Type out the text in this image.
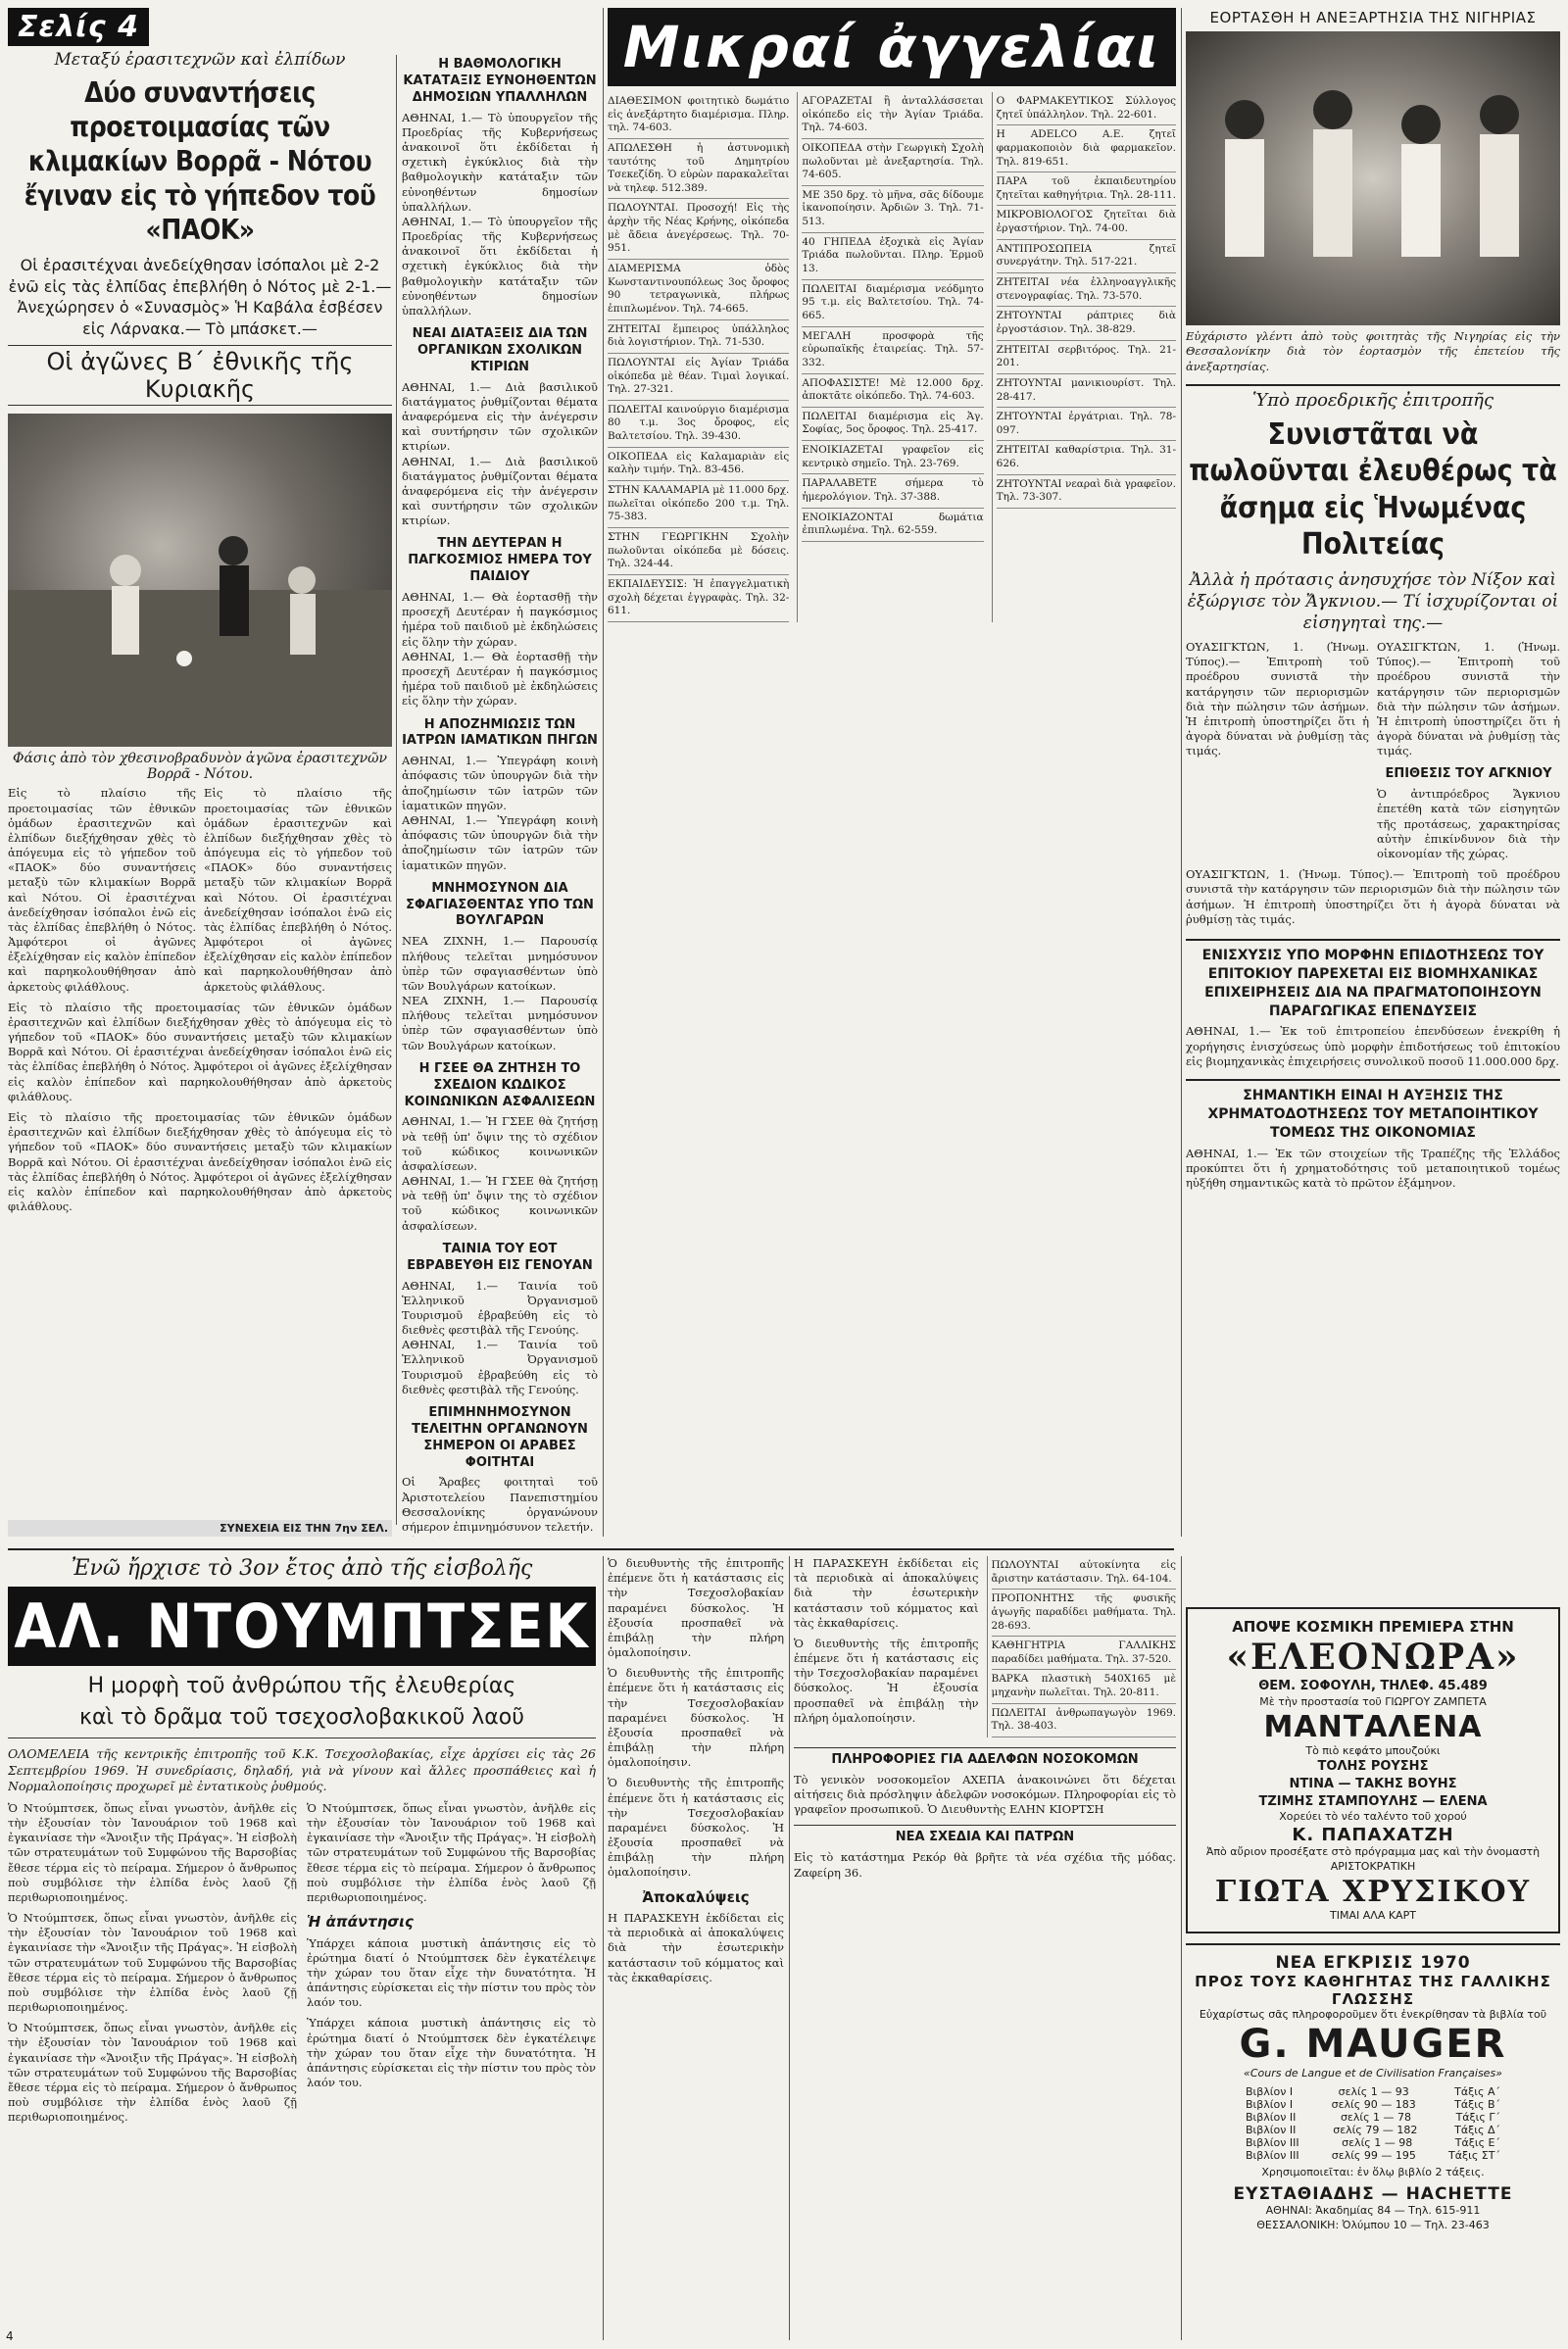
Σελίς 4
Μεταξύ ἐρασιτεχνῶν καὶ ἐλπίδων
Δύο συναντήσεις προετοιμασίας τῶν κλιμακίων Βορρᾶ - Νότου ἔγιναν εἰς τὸ γήπεδον τοῦ «ΠΑΟΚ»
Οἱ ἐρασιτέχναι ἀνεδείχθησαν ἰσόπαλοι μὲ 2-2 ἐνῶ εἰς τὰς ἐλπίδας ἐπεβλήθη ὁ Νότος μὲ 2-1.— Ἀνεχώρησεν ὁ «Συνασμὸς» Ἡ Καβάλα ἐσβέσεν εἰς Λάρνακα.— Τὸ μπάσκετ.—
Οἱ ἀγῶνες Β΄ ἐθνικῆς τῆς Κυριακῆς
Φάσις ἀπὸ τὸν χθεσινοβραδυνὸν ἀγῶνα ἐρασιτεχνῶν Βορρᾶ - Νότου.
Εἰς τὸ πλαίσιο τῆς προετοιμασίας τῶν ἐθνικῶν ὁμάδων ἐρασιτεχνῶν καὶ ἐλπίδων διεξήχθησαν χθὲς τὸ ἀπόγευμα εἰς τὸ γήπεδον τοῦ «ΠΑΟΚ» δύο συναντήσεις μεταξὺ τῶν κλιμακίων Βορρᾶ καὶ Νότου. Οἱ ἐρασιτέχναι ἀνεδείχθησαν ἰσόπαλοι ἐνῶ εἰς τὰς ἐλπίδας ἐπεβλήθη ὁ Νότος. Ἀμφότεροι οἱ ἀγῶνες ἐξελίχθησαν εἰς καλὸν ἐπίπεδον καὶ παρηκολουθήθησαν ἀπὸ ἀρκετοὺς φιλάθλους.
Εἰς τὸ πλαίσιο τῆς προετοιμασίας τῶν ἐθνικῶν ὁμάδων ἐρασιτεχνῶν καὶ ἐλπίδων διεξήχθησαν χθὲς τὸ ἀπόγευμα εἰς τὸ γήπεδον τοῦ «ΠΑΟΚ» δύο συναντήσεις μεταξὺ τῶν κλιμακίων Βορρᾶ καὶ Νότου. Οἱ ἐρασιτέχναι ἀνεδείχθησαν ἰσόπαλοι ἐνῶ εἰς τὰς ἐλπίδας ἐπεβλήθη ὁ Νότος. Ἀμφότεροι οἱ ἀγῶνες ἐξελίχθησαν εἰς καλὸν ἐπίπεδον καὶ παρηκολουθήθησαν ἀπὸ ἀρκετοὺς φιλάθλους.
Εἰς τὸ πλαίσιο τῆς προετοιμασίας τῶν ἐθνικῶν ὁμάδων ἐρασιτεχνῶν καὶ ἐλπίδων διεξήχθησαν χθὲς τὸ ἀπόγευμα εἰς τὸ γήπεδον τοῦ «ΠΑΟΚ» δύο συναντήσεις μεταξὺ τῶν κλιμακίων Βορρᾶ καὶ Νότου. Οἱ ἐρασιτέχναι ἀνεδείχθησαν ἰσόπαλοι ἐνῶ εἰς τὰς ἐλπίδας ἐπεβλήθη ὁ Νότος. Ἀμφότεροι οἱ ἀγῶνες ἐξελίχθησαν εἰς καλὸν ἐπίπεδον καὶ παρηκολουθήθησαν ἀπὸ ἀρκετοὺς φιλάθλους.
Εἰς τὸ πλαίσιο τῆς προετοιμασίας τῶν ἐθνικῶν ὁμάδων ἐρασιτεχνῶν καὶ ἐλπίδων διεξήχθησαν χθὲς τὸ ἀπόγευμα εἰς τὸ γήπεδον τοῦ «ΠΑΟΚ» δύο συναντήσεις μεταξὺ τῶν κλιμακίων Βορρᾶ καὶ Νότου. Οἱ ἐρασιτέχναι ἀνεδείχθησαν ἰσόπαλοι ἐνῶ εἰς τὰς ἐλπίδας ἐπεβλήθη ὁ Νότος. Ἀμφότεροι οἱ ἀγῶνες ἐξελίχθησαν εἰς καλὸν ἐπίπεδον καὶ παρηκολουθήθησαν ἀπὸ ἀρκετοὺς φιλάθλους.
ΣΥΝΕΧΕΙΑ ΕΙΣ ΤΗΝ 7ην ΣΕΛ.
Η ΒΑΘΜΟΛΟΓΙΚΗ ΚΑΤΑΤΑΞΙΣ ΕΥΝΟΗΘΕΝΤΩΝ ΔΗΜΟΣΙΩΝ ΥΠΑΛΛΗΛΩΝ
ΑΘΗΝΑΙ, 1.— Τὸ ὑπουργεῖον τῆς Προεδρίας τῆς Κυβερνήσεως ἀνακοινοῖ ὅτι ἐκδίδεται ἡ σχετικὴ ἐγκύκλιος διὰ τὴν βαθμολογικὴν κατάταξιν τῶν εὐνοηθέντων δημοσίων ὑπαλλήλων.
ΑΘΗΝΑΙ, 1.— Τὸ ὑπουργεῖον τῆς Προεδρίας τῆς Κυβερνήσεως ἀνακοινοῖ ὅτι ἐκδίδεται ἡ σχετικὴ ἐγκύκλιος διὰ τὴν βαθμολογικὴν κατάταξιν τῶν εὐνοηθέντων δημοσίων ὑπαλλήλων.
ΝΕΑΙ ΔΙΑΤΑΞΕΙΣ ΔΙΑ ΤΩΝ ΟΡΓΑΝΙΚΩΝ ΣΧΟΛΙΚΩΝ ΚΤΙΡΙΩΝ
ΑΘΗΝΑΙ, 1.— Διὰ βασιλικοῦ διατάγματος ῥυθμίζονται θέματα ἀναφερόμενα εἰς τὴν ἀνέγερσιν καὶ συντήρησιν τῶν σχολικῶν κτιρίων.
ΑΘΗΝΑΙ, 1.— Διὰ βασιλικοῦ διατάγματος ῥυθμίζονται θέματα ἀναφερόμενα εἰς τὴν ἀνέγερσιν καὶ συντήρησιν τῶν σχολικῶν κτιρίων.
ΤΗΝ ΔΕΥΤΕΡΑΝ Η ΠΑΓΚΟΣΜΙΟΣ ΗΜΕΡΑ ΤΟΥ ΠΑΙΔΙΟΥ
ΑΘΗΝΑΙ, 1.— Θὰ ἑορτασθῇ τὴν προσεχῆ Δευτέραν ἡ παγκόσμιος ἡμέρα τοῦ παιδιοῦ μὲ ἐκδηλώσεις εἰς ὅλην τὴν χώραν.
ΑΘΗΝΑΙ, 1.— Θὰ ἑορτασθῇ τὴν προσεχῆ Δευτέραν ἡ παγκόσμιος ἡμέρα τοῦ παιδιοῦ μὲ ἐκδηλώσεις εἰς ὅλην τὴν χώραν.
Η ΑΠΟΖΗΜΙΩΣΙΣ ΤΩΝ ΙΑΤΡΩΝ ΙΑΜΑΤΙΚΩΝ ΠΗΓΩΝ
ΑΘΗΝΑΙ, 1.— Ὑπεγράφη κοινὴ ἀπόφασις τῶν ὑπουργῶν διὰ τὴν ἀποζημίωσιν τῶν ἰατρῶν τῶν ἰαματικῶν πηγῶν.
ΑΘΗΝΑΙ, 1.— Ὑπεγράφη κοινὴ ἀπόφασις τῶν ὑπουργῶν διὰ τὴν ἀποζημίωσιν τῶν ἰατρῶν τῶν ἰαματικῶν πηγῶν.
ΜΝΗΜΟΣΥΝΟΝ ΔΙΑ ΣΦΑΓΙΑΣΘΕΝΤΑΣ ΥΠΟ ΤΩΝ ΒΟΥΛΓΑΡΩΝ
ΝΕΑ ΖΙΧΝΗ, 1.— Παρουσίᾳ πλήθους τελεῖται μνημόσυνον ὑπὲρ τῶν σφαγιασθέντων ὑπὸ τῶν Βουλγάρων κατοίκων.
ΝΕΑ ΖΙΧΝΗ, 1.— Παρουσίᾳ πλήθους τελεῖται μνημόσυνον ὑπὲρ τῶν σφαγιασθέντων ὑπὸ τῶν Βουλγάρων κατοίκων.
Η ΓΣΕΕ ΘΑ ΖΗΤΗΣΗ ΤΟ ΣΧΕΔΙΟΝ ΚΩΔΙΚΟΣ ΚΟΙΝΩΝΙΚΩΝ ΑΣΦΑΛΙΣΕΩΝ
ΑΘΗΝΑΙ, 1.— Ἡ ΓΣΕΕ θὰ ζητήσῃ νὰ τεθῇ ὑπ' ὄψιν της τὸ σχέδιον τοῦ κώδικος κοινωνικῶν ἀσφαλίσεων.
ΑΘΗΝΑΙ, 1.— Ἡ ΓΣΕΕ θὰ ζητήσῃ νὰ τεθῇ ὑπ' ὄψιν της τὸ σχέδιον τοῦ κώδικος κοινωνικῶν ἀσφαλίσεων.
ΤΑΙΝΙΑ ΤΟΥ ΕΟΤ ΕΒΡΑΒΕΥΘΗ ΕΙΣ ΓΕΝΟΥΑΝ
ΑΘΗΝΑΙ, 1.— Ταινία τοῦ Ἑλληνικοῦ Ὀργανισμοῦ Τουρισμοῦ ἐβραβεύθη εἰς τὸ διεθνὲς φεστιβὰλ τῆς Γενούης.
ΑΘΗΝΑΙ, 1.— Ταινία τοῦ Ἑλληνικοῦ Ὀργανισμοῦ Τουρισμοῦ ἐβραβεύθη εἰς τὸ διεθνὲς φεστιβὰλ τῆς Γενούης.
ΕΠΙΜΗΝΗΜΟΣΥΝΟΝ ΤΕΛΕΙΤΗΝ ΟΡΓΑΝΩΝΟΥΝ ΣΗΜΕΡΟΝ ΟΙ ΑΡΑΒΕΣ ΦΟΙΤΗΤΑΙ
Οἱ Ἄραβες φοιτηταὶ τοῦ Ἀριστοτελείου Πανεπιστημίου Θεσσαλονίκης ὀργανώνουν σήμερον ἐπιμνημόσυνον τελετήν.
Μικραί ἀγγελίαι
ΔΙΑΘΕΣΙΜΟΝ φοιτητικὸ δωμάτιο εἰς ἀνεξάρτητο διαμέρισμα. Πληρ. τηλ. 74-603.
ΑΠΩΛΕΣΘΗ ἡ ἀστυνομικὴ ταυτότης τοῦ Δημητρίου Τσεκεζίδη. Ὁ εὑρὼν παρακαλεῖται νὰ τηλεφ. 512.389.
ΠΩΛΟΥΝΤΑΙ. Προσοχή! Εἰς τὴς ἀρχὴν τῆς Νέας Κρήνης, οἰκόπεδα μὲ ἄδεια ἀνεγέρσεως. Τηλ. 70-951.
ΔΙΑΜΕΡΙΣΜΑ ὁδὸς Κωνσταντινουπόλεως 3ος ὄροφος 90 τετραγωνικὰ, πλήρως ἐπιπλωμένον. Τηλ. 74-665.
ΖΗΤΕΙΤΑΙ ἔμπειρος ὑπάλληλος διὰ λογιστήριον. Τηλ. 71-530.
ΠΩΛΟΥΝΤΑΙ εἰς Ἀγίαν Τριάδα οἰκόπεδα μὲ θέαν. Τιμαὶ λογικαί. Τηλ. 27-321.
ΠΩΛΕΙΤΑΙ καινούργιο διαμέρισμα 80 τ.μ. 3ος ὄροφος, εἰς Βαλτετσίου. Τηλ. 39-430.
ΟΙΚΟΠΕΔΑ εἰς Καλαμαριὰν εἰς καλὴν τιμήν. Τηλ. 83-456.
ΣΤΗΝ ΚΑΛΑΜΑΡΙΑ μὲ 11.000 δρχ. πωλεῖται οἰκόπεδο 200 τ.μ. Τηλ. 75-383.
ΣΤΗΝ ΓΕΩΡΓΙΚΗΝ Σχολὴν πωλοῦνται οἰκόπεδα μὲ δόσεις. Τηλ. 324-44.
ΕΚΠΑΙΔΕΥΣΙΣ: Ἡ ἐπαγγελματικὴ σχολὴ δέχεται ἐγγραφὰς. Τηλ. 32-611.
ΑΓΟΡΑΖΕΤΑΙ ἢ ἀνταλλάσσεται οἰκόπεδο εἰς τὴν Ἁγίαν Τριάδα. Τηλ. 74-603.
ΟΙΚΟΠΕΔΑ στὴν Γεωργικὴ Σχολὴ πωλοῦνται μὲ ἀνεξαρτησία. Τηλ. 74-605.
ΜΕ 350 δρχ. τὸ μῆνα, σᾶς δίδουμε ἱκανοποίησιν. Ἀρδιῶν 3. Τηλ. 71-513.
40 ΓΗΠΕΔΑ ἐξοχικὰ εἰς Ἁγίαν Τριάδα πωλοῦνται. Πληρ. Ἐρμοῦ 13.
ΠΩΛΕΙΤΑΙ διαμέρισμα νεόδμητο 95 τ.μ. εἰς Βαλτετσίου. Τηλ. 74-665.
ΜΕΓΑΛΗ προσφορὰ τῆς εὐρωπαϊκῆς ἐταιρείας. Τηλ. 57-332.
ΑΠΟΦΑΣΙΣΤΕ! Μὲ 12.000 δρχ. ἀποκτᾶτε οἰκόπεδο. Τηλ. 74-603.
ΠΩΛΕΙΤΑΙ διαμέρισμα εἰς Ἁγ. Σοφίας, 5ος ὄροφος. Τηλ. 25-417.
ΕΝΟΙΚΙΑΖΕΤΑΙ γραφεῖον εἰς κεντρικὸ σημεῖο. Τηλ. 23-769.
ΠΑΡΑΛΑΒΕΤΕ σήμερα τὸ ἡμερολόγιον. Τηλ. 37-388.
ΕΝΟΙΚΙΑΖΟΝΤΑΙ δωμάτια ἐπιπλωμένα. Τηλ. 62-559.
Ο ΦΑΡΜΑΚΕΥΤΙΚΟΣ Σύλλογος ζητεῖ ὑπάλληλον. Τηλ. 22-601.
Η ADELCO Α.Ε. ζητεῖ φαρμακοποιὸν διὰ φαρμακεῖον. Τηλ. 819-651.
ΠΑΡΑ τοῦ ἐκπαιδευτηρίου ζητεῖται καθηγήτρια. Τηλ. 28-111.
ΜΙΚΡΟΒΙΟΛΟΓΟΣ ζητεῖται διὰ ἐργαστήριον. Τηλ. 74-00.
ΑΝΤΙΠΡΟΣΩΠΕΙΑ ζητεῖ συνεργάτην. Τηλ. 517-221.
ΖΗΤΕΙΤΑΙ νέα ἐλληνοαγγλικῆς στενογραφίας. Τηλ. 73-570.
ΖΗΤΟΥΝΤΑΙ ράπτριες διὰ ἐργοστάσιον. Τηλ. 38-829.
ΖΗΤΕΙΤΑΙ σερβιτόρος. Τηλ. 21-201.
ΖΗΤΟΥΝΤΑΙ μανικιουρίστ. Τηλ. 28-417.
ΖΗΤΟΥΝΤΑΙ ἐργάτριαι. Τηλ. 78-097.
ΖΗΤΕΙΤΑΙ καθαρίστρια. Τηλ. 31-626.
ΖΗΤΟΥΝΤΑΙ νεαραὶ διὰ γραφεῖον. Τηλ. 73-307.
ΕΟΡΤΑΣΘΗ Η ΑΝΕΞΑΡΤΗΣΙΑ ΤΗΣ ΝΙΓΗΡΙΑΣ
Εὐχάριστο γλέντι ἀπὸ τοὺς φοιτητὰς τῆς Νιγηρίας εἰς τὴν Θεσσαλονίκην διὰ τὸν ἑορτασμὸν τῆς ἐπετείου τῆς ἀνεξαρτησίας.
Ὑπὸ προεδρικῆς ἐπιτροπῆς
Συνιστᾶται νὰ πωλοῦνται ἐλευθέρως τὰ ἄσημα εἰς Ἡνωμένας Πολιτείας
Ἀλλὰ ἡ πρότασις ἀνησυχήσε τὸν Νίξον καὶ ἐξώργισε τὸν Ἄγκνιου.— Τί ἰσχυρίζονται οἱ εἰσηγηταὶ της.—
ΟΥΑΣΙΓΚΤΩΝ, 1. (Ἡνωμ. Τύπος).— Ἐπιτροπὴ τοῦ προέδρου συνιστᾶ τὴν κατάργησιν τῶν περιορισμῶν διὰ τὴν πώλησιν τῶν ἀσήμων. Ἡ ἐπιτροπὴ ὑποστηρίζει ὅτι ἡ ἀγορὰ δύναται νὰ ῥυθμίσῃ τὰς τιμάς.
ΟΥΑΣΙΓΚΤΩΝ, 1. (Ἡνωμ. Τύπος).— Ἐπιτροπὴ τοῦ προέδρου συνιστᾶ τὴν κατάργησιν τῶν περιορισμῶν διὰ τὴν πώλησιν τῶν ἀσήμων. Ἡ ἐπιτροπὴ ὑποστηρίζει ὅτι ἡ ἀγορὰ δύναται νὰ ῥυθμίσῃ τὰς τιμάς.
ΕΠΙΘΕΣΙΣ ΤΟΥ ΑΓΚΝΙΟΥ
Ὁ ἀντιπρόεδρος Ἄγκνιου ἐπετέθη κατὰ τῶν εἰσηγητῶν τῆς προτάσεως, χαρακτηρίσας αὐτὴν ἐπικίνδυνον διὰ τὴν οἰκονομίαν τῆς χώρας.
ΟΥΑΣΙΓΚΤΩΝ, 1. (Ἡνωμ. Τύπος).— Ἐπιτροπὴ τοῦ προέδρου συνιστᾶ τὴν κατάργησιν τῶν περιορισμῶν διὰ τὴν πώλησιν τῶν ἀσήμων. Ἡ ἐπιτροπὴ ὑποστηρίζει ὅτι ἡ ἀγορὰ δύναται νὰ ῥυθμίσῃ τὰς τιμάς.
ΕΝΙΣΧΥΣΙΣ ΥΠΟ ΜΟΡΦΗΝ ΕΠΙΔΟΤΗΣΕΩΣ ΤΟΥ ΕΠΙΤΟΚΙΟΥ ΠΑΡΕΧΕΤΑΙ ΕΙΣ ΒΙΟΜΗΧΑΝΙΚΑΣ ΕΠΙΧΕΙΡΗΣΕΙΣ ΔΙΑ ΝΑ ΠΡΑΓΜΑΤΟΠΟΙΗΣΟΥΝ ΠΑΡΑΓΩΓΙΚΑΣ ΕΠΕΝΔΥΣΕΙΣ
ΑΘΗΝΑΙ, 1.— Ἐκ τοῦ ἐπιτροπείου ἐπενδύσεων ἐνεκρίθη ἡ χορήγησις ἐνισχύσεως ὑπὸ μορφὴν ἐπιδοτήσεως τοῦ ἐπιτοκίου εἰς βιομηχανικὰς ἐπιχειρήσεις συνολικοῦ ποσοῦ 11.000.000 δρχ.
ΣΗΜΑΝΤΙΚΗ ΕΙΝΑΙ Η ΑΥΞΗΣΙΣ ΤΗΣ ΧΡΗΜΑΤΟΔΟΤΗΣΕΩΣ ΤΟΥ ΜΕΤΑΠΟΙΗΤΙΚΟΥ ΤΟΜΕΩΣ ΤΗΣ ΟΙΚΟΝΟΜΙΑΣ
ΑΘΗΝΑΙ, 1.— Ἐκ τῶν στοιχείων τῆς Τραπέζης τῆς Ἑλλάδος προκύπτει ὅτι ἡ χρηματοδότησις τοῦ μεταποιητικοῦ τομέως ηὐξήθη σημαντικῶς κατὰ τὸ πρῶτον ἑξάμηνον.
Ἐνῶ ἤρχισε τὸ 3ον ἔτος ἀπὸ τῆς εἰσβολῆς
ΑΛ. ΝΤΟΥΜΠΤΣΕΚ
Η μορφὴ τοῦ ἀνθρώπου τῆς ἐλευθερίας
καὶ τὸ δρᾶμα τοῦ τσεχοσλοβακικοῦ λαοῦ
ΟΛΟΜΕΛΕΙΑ τῆς κεντρικῆς ἐπιτροπῆς τοῦ Κ.Κ. Τσεχοσλοβακίας, εἶχε ἀρχίσει εἰς τὰς 26 Σεπτεμβρίου 1969. Ἡ συνεδρίασις, δηλαδή, γιὰ νὰ γίνουν καὶ ἄλλες προσπάθειες καὶ ἡ Νορμαλοποίησις προχωρεῖ μὲ ἐντατικοὺς ῥυθμούς.
Ὁ Ντούμπτσεκ, ὅπως εἶναι γνωστὸν, ἀνῆλθε εἰς τὴν ἐξουσίαν τὸν Ἰανουάριον τοῦ 1968 καὶ ἐγκαινίασε τὴν «Ἄνοιξιν τῆς Πράγας». Ἡ εἰσβολὴ τῶν στρατευμάτων τοῦ Συμφώνου τῆς Βαρσοβίας ἔθεσε τέρμα εἰς τὸ πείραμα. Σήμερον ὁ ἄνθρωπος ποὺ συμβόλισε τὴν ἐλπίδα ἑνὸς λαοῦ ζῇ περιθωριοποιημένος.
Ὁ Ντούμπτσεκ, ὅπως εἶναι γνωστὸν, ἀνῆλθε εἰς τὴν ἐξουσίαν τὸν Ἰανουάριον τοῦ 1968 καὶ ἐγκαινίασε τὴν «Ἄνοιξιν τῆς Πράγας». Ἡ εἰσβολὴ τῶν στρατευμάτων τοῦ Συμφώνου τῆς Βαρσοβίας ἔθεσε τέρμα εἰς τὸ πείραμα. Σήμερον ὁ ἄνθρωπος ποὺ συμβόλισε τὴν ἐλπίδα ἑνὸς λαοῦ ζῇ περιθωριοποιημένος.
Ὁ Ντούμπτσεκ, ὅπως εἶναι γνωστὸν, ἀνῆλθε εἰς τὴν ἐξουσίαν τὸν Ἰανουάριον τοῦ 1968 καὶ ἐγκαινίασε τὴν «Ἄνοιξιν τῆς Πράγας». Ἡ εἰσβολὴ τῶν στρατευμάτων τοῦ Συμφώνου τῆς Βαρσοβίας ἔθεσε τέρμα εἰς τὸ πείραμα. Σήμερον ὁ ἄνθρωπος ποὺ συμβόλισε τὴν ἐλπίδα ἑνὸς λαοῦ ζῇ περιθωριοποιημένος.
Ὁ Ντούμπτσεκ, ὅπως εἶναι γνωστὸν, ἀνῆλθε εἰς τὴν ἐξουσίαν τὸν Ἰανουάριον τοῦ 1968 καὶ ἐγκαινίασε τὴν «Ἄνοιξιν τῆς Πράγας». Ἡ εἰσβολὴ τῶν στρατευμάτων τοῦ Συμφώνου τῆς Βαρσοβίας ἔθεσε τέρμα εἰς τὸ πείραμα. Σήμερον ὁ ἄνθρωπος ποὺ συμβόλισε τὴν ἐλπίδα ἑνὸς λαοῦ ζῇ περιθωριοποιημένος.
Ἡ ἀπάντησις
Ὑπάρχει κάποια μυστικὴ ἀπάντησις εἰς τὸ ἐρώτημα διατί ὁ Ντούμπτσεκ δὲν ἐγκατέλειψε τὴν χώραν του ὅταν εἶχε τὴν δυνατότητα. Ἡ ἀπάντησις εὑρίσκεται εἰς τὴν πίστιν του πρὸς τὸν λαόν του.
Ὑπάρχει κάποια μυστικὴ ἀπάντησις εἰς τὸ ἐρώτημα διατί ὁ Ντούμπτσεκ δὲν ἐγκατέλειψε τὴν χώραν του ὅταν εἶχε τὴν δυνατότητα. Ἡ ἀπάντησις εὑρίσκεται εἰς τὴν πίστιν του πρὸς τὸν λαόν του.
Ὁ διευθυντὴς τῆς ἐπιτροπῆς ἐπέμενε ὅτι ἡ κατάστασις εἰς τὴν Τσεχοσλοβακίαν παραμένει δύσκολος. Ἡ ἐξουσία προσπαθεῖ νὰ ἐπιβάλῃ τὴν πλήρη ὁμαλοποίησιν.
Ὁ διευθυντὴς τῆς ἐπιτροπῆς ἐπέμενε ὅτι ἡ κατάστασις εἰς τὴν Τσεχοσλοβακίαν παραμένει δύσκολος. Ἡ ἐξουσία προσπαθεῖ νὰ ἐπιβάλῃ τὴν πλήρη ὁμαλοποίησιν.
Ὁ διευθυντὴς τῆς ἐπιτροπῆς ἐπέμενε ὅτι ἡ κατάστασις εἰς τὴν Τσεχοσλοβακίαν παραμένει δύσκολος. Ἡ ἐξουσία προσπαθεῖ νὰ ἐπιβάλῃ τὴν πλήρη ὁμαλοποίησιν.
Ἀποκαλύψεις
Η ΠΑΡΑΣΚΕΥΗ ἐκδίδεται εἰς τὰ περιοδικὰ αἱ ἀποκαλύψεις διὰ τὴν ἐσωτερικὴν κατάστασιν τοῦ κόμματος καὶ τὰς ἐκκαθαρίσεις.
Η ΠΑΡΑΣΚΕΥΗ ἐκδίδεται εἰς τὰ περιοδικὰ αἱ ἀποκαλύψεις διὰ τὴν ἐσωτερικὴν κατάστασιν τοῦ κόμματος καὶ τὰς ἐκκαθαρίσεις.
Ὁ διευθυντὴς τῆς ἐπιτροπῆς ἐπέμενε ὅτι ἡ κατάστασις εἰς τὴν Τσεχοσλοβακίαν παραμένει δύσκολος. Ἡ ἐξουσία προσπαθεῖ νὰ ἐπιβάλῃ τὴν πλήρη ὁμαλοποίησιν.
ΠΩΛΟΥΝΤΑΙ αὐτοκίνητα εἰς ἄριστην κατάστασιν. Τηλ. 64-104.
ΠΡΟΠΟΝΗΤΗΣ τῆς φυσικῆς ἀγωγῆς παραδίδει μαθήματα. Τηλ. 28-693.
ΚΑΘΗΓΗΤΡΙΑ ΓΑΛΛΙΚΗΣ παραδίδει μαθήματα. Τηλ. 37-520.
ΒΑΡΚΑ πλαστικὴ 540Χ165 μὲ μηχανὴν πωλεῖται. Τηλ. 20-811.
ΠΩΛΕΙΤΑΙ ἀνθρωπαγωγὸν 1969. Τηλ. 38-403.
ΠΛΗΡΟΦΟΡΙΕΣ ΓΙΑ ΑΔΕΛΦΩΝ ΝΟΣΟΚΟΜΩΝ
Τὸ γενικὸν νοσοκομεῖον ΑΧΕΠΑ ἀνακοινώνει ὅτι δέχεται αἰτήσεις διὰ πρόσληψιν ἀδελφῶν νοσοκόμων. Πληροφορίαι εἰς τὸ γραφεῖον προσωπικοῦ. Ὁ Διευθυντὴς ΕΛΗΝ ΚΙΟΡΤΣΗ
ΝΕΑ ΣΧΕΔΙΑ ΚΑΙ ΠΑΤΡΩΝ
Εἰς τὸ κατάστημα Ρεκόρ θὰ βρῆτε τὰ νέα σχέδια τῆς μόδας. Ζαφείρη 36.
ΑΠΟΨΕ ΚΟΣΜΙΚΗ ΠΡΕΜΙΕΡΑ ΣΤΗΝ
«ΕΛΕΟΝΩΡΑ»
ΘΕΜ. ΣΟΦΟΥΛΗ, ΤΗΛΕΦ. 45.489
Μὲ τὴν προστασία τοῦ ΓΙΩΡΓΟΥ ΖΑΜΠΕΤΑ
ΜΑΝΤΑΛΕΝΑ
Τὸ πιὸ κεφάτο μπουζούκι
ΤΟΛΗΣ ΡΟΥΣΗΣ
ΝΤΙΝΑ — ΤΑΚΗΣ ΒΟΥΗΣ
ΤΖΙΜΗΣ ΣΤΑΜΠΟΥΛΗΣ — ΕΛΕΝΑ
Χορεύει τὸ νέο ταλέντο τοῦ χορού
Κ. ΠΑΠΑΧΑΤΖΗ
Ἀπὸ αὔριον προσέξατε στὸ πρόγραμμα μας καὶ τὴν ὀνομαστὴ ΑΡΙΣΤΟΚΡΑΤΙΚΗ
ΓΙΩΤΑ ΧΡΥΣΙΚΟΥ
ΤΙΜΑΙ ΑΛΑ ΚΑΡΤ
ΝΕΑ ΕΓΚΡΙΣΙΣ 1970
ΠΡΟΣ ΤΟΥΣ ΚΑΘΗΓΗΤΑΣ ΤΗΣ ΓΑΛΛΙΚΗΣ ΓΛΩΣΣΗΣ
Εὐχαρίστως σᾶς πληροφοροῦμεν ὅτι ἐνεκρίθησαν τὰ βιβλία τοῦ
G. MAUGER
«Cours de Langue et de Civilisation Françaises»
Βιβλίον I	σελίς 1 — 93	Τάξις Α΄
Βιβλίον I	σελίς 90 — 183	Τάξις Β΄
Βιβλίον II	σελίς 1 — 78	Τάξις Γ΄
Βιβλίον II	σελίς 79 — 182	Τάξις Δ΄
Βιβλίον III	σελίς 1 — 98	Τάξις Ε΄
Βιβλίον III	σελίς 99 — 195	Τάξις ΣΤ΄
Χρησιμοποιεῖται: ἐν ὅλῳ βιβλίο 2 τάξεις.
ΕΥΣΤΑΘΙΑΔΗΣ — HACHETTE
ΑΘΗΝΑΙ: Ἀκαδημίας 84 — Τηλ. 615-911
ΘΕΣΣΑΛΟΝΙΚΗ: Ὀλύμπου 10 — Τηλ. 23-463
4
